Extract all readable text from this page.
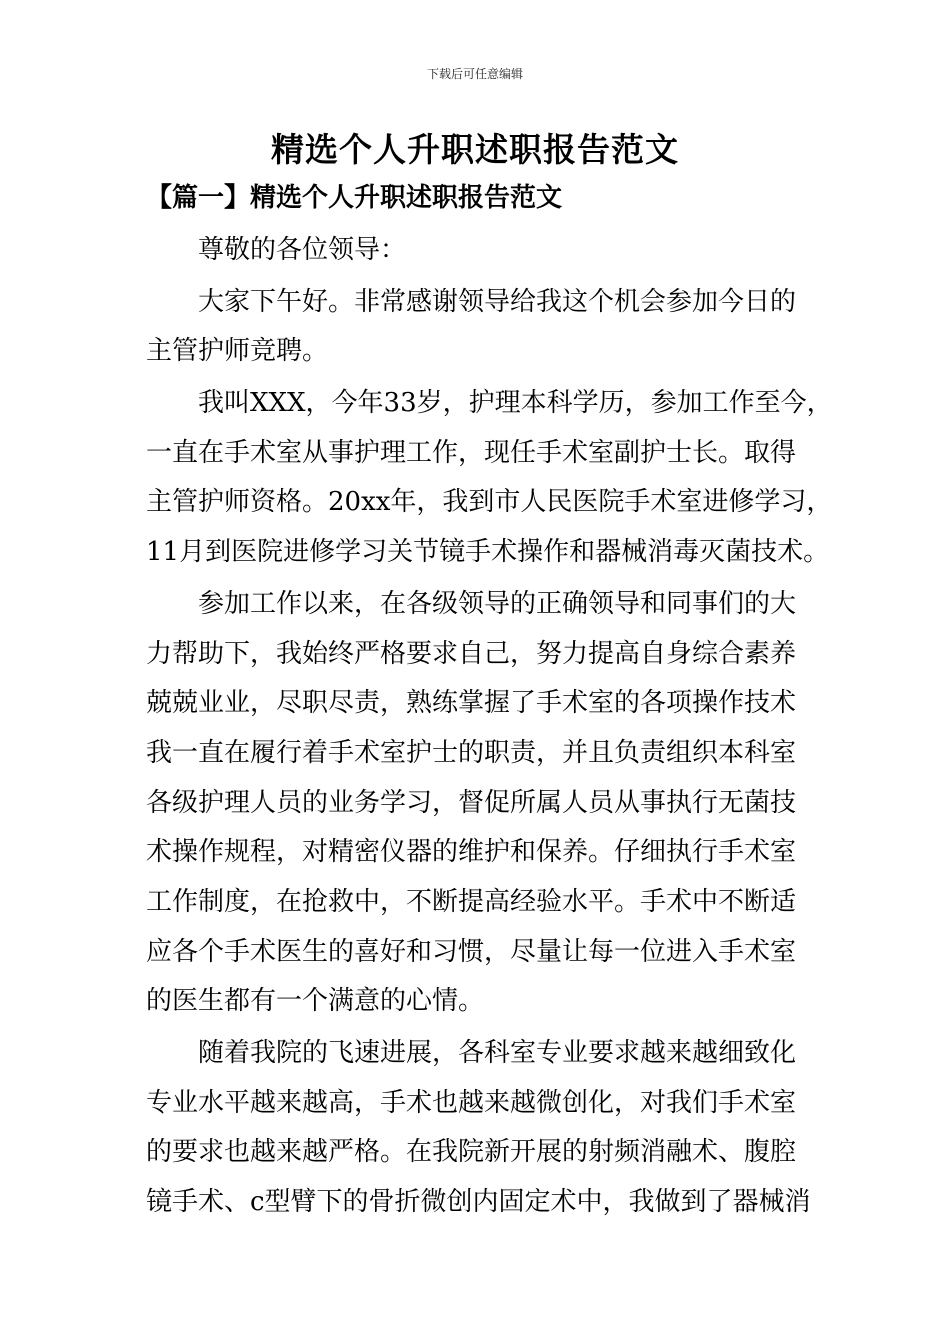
下载后可任意编辑
精选个人升职述职报告范文
【篇一】精选个人升职述职报告范文

尊敬的各位领导：

大家下午好。非常感谢领导给我这个机会参加今日的
主管护师竞聘。

我叫XXX，今年33岁，护理本科学历，参加工作至今，
一直在手术室从事护理工作，现任手术室副护士长。取得
主管护师资格。20xx年，我到市人民医院手术室进修学习，
11月到医院进修学习关节镜手术操作和器械消毒灭菌技术。

参加工作以来，在各级领导的正确领导和同事们的大
力帮助下，我始终严格要求自己，努力提高自身综合素养
兢兢业业，尽职尽责，熟练掌握了手术室的各项操作技术
我一直在履行着手术室护士的职责，并且负责组织本科室
各级护理人员的业务学习，督促所属人员从事执行无菌技
术操作规程，对精密仪器的维护和保养。仔细执行手术室
工作制度，在抢救中，不断提高经验水平。手术中不断适
应各个手术医生的喜好和习惯，尽量让每一位进入手术室
的医生都有一个满意的心情。

随着我院的飞速进展，各科室专业要求越来越细致化
专业水平越来越高，手术也越来越微创化，对我们手术室
的要求也越来越严格。在我院新开展的射频消融术、腹腔
镜手术、c型臂下的骨折微创内固定术中，我做到了器械消
